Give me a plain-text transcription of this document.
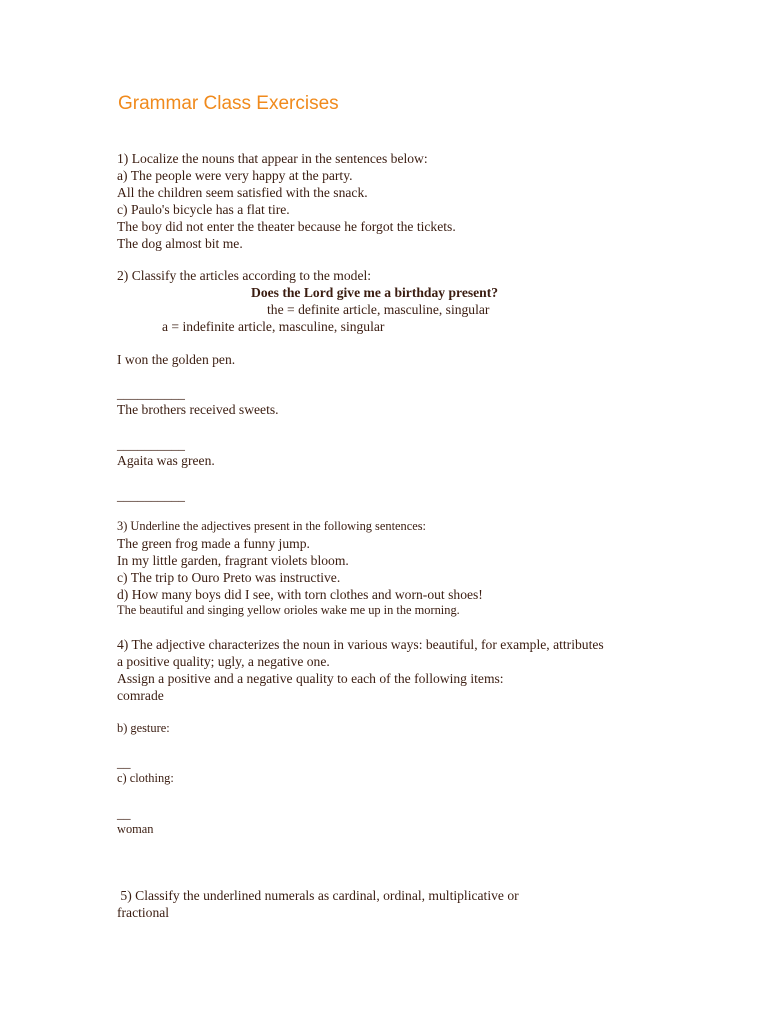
Grammar Class Exercises
1) Localize the nouns that appear in the sentences below:
a) The people were very happy at the party.
All the children seem satisfied with the snack.
c) Paulo's bicycle has a flat tire.
The boy did not enter the theater because he forgot the tickets.
The dog almost bit me.
2) Classify the articles according to the model:
Does the Lord give me a birthday present?
the = definite article, masculine, singular
a = indefinite article, masculine, singular
I won the golden pen.
__________
The brothers received sweets.
__________
Agaita was green.
__________
3) Underline the adjectives present in the following sentences:
The green frog made a funny jump.
In my little garden, fragrant violets bloom.
c) The trip to Ouro Preto was instructive.
d) How many boys did I see, with torn clothes and worn-out shoes!
The beautiful and singing yellow orioles wake me up in the morning.
4) The adjective characterizes the noun in various ways: beautiful, for example, attributes
a positive quality; ugly, a negative one.
Assign a positive and a negative quality to each of the following items:
comrade
b) gesture:
__
c) clothing:
__
woman
5) Classify the underlined numerals as cardinal, ordinal, multiplicative or
fractional
